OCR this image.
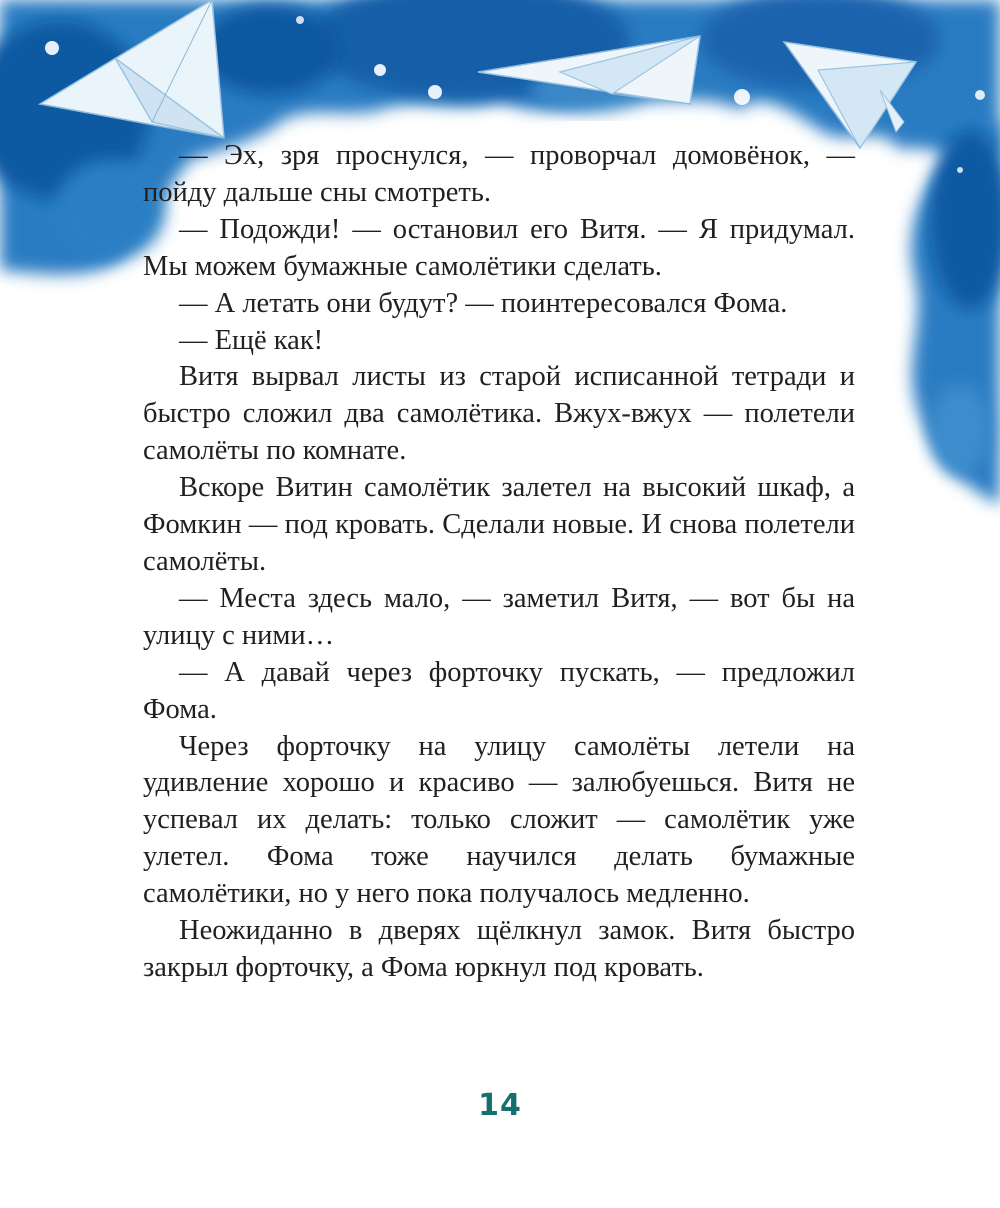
— Эх, зря проснулся, — проворчал домовёнок, — пойду дальше сны смотреть.

— Подожди! — остановил его Витя. — Я придумал. Мы можем бумажные самолётики сделать.

— А летать они будут? — поинтересовался Фома.

— Ещё как!

Витя вырвал листы из старой исписанной тетради и быстро сложил два самолётика. Вжух-вжух — полетели самолёты по комнате.

Вскоре Витин самолётик залетел на высокий шкаф, а Фомкин — под кровать. Сделали новые. И снова полетели самолёты.

— Места здесь мало, — заметил Витя, — вот бы на улицу с ними…

— А давай через форточку пускать, — предложил Фома.

Через форточку на улицу самолёты летели на удивление хорошо и красиво — залюбуешься. Витя не успевал их делать: только сложит — самолётик уже улетел. Фома тоже научился делать бумажные самолётики, но у него пока получалось медленно.

Неожиданно в дверях щёлкнул замок. Витя быстро закрыл форточку, а Фома юркнул под кровать.

14
